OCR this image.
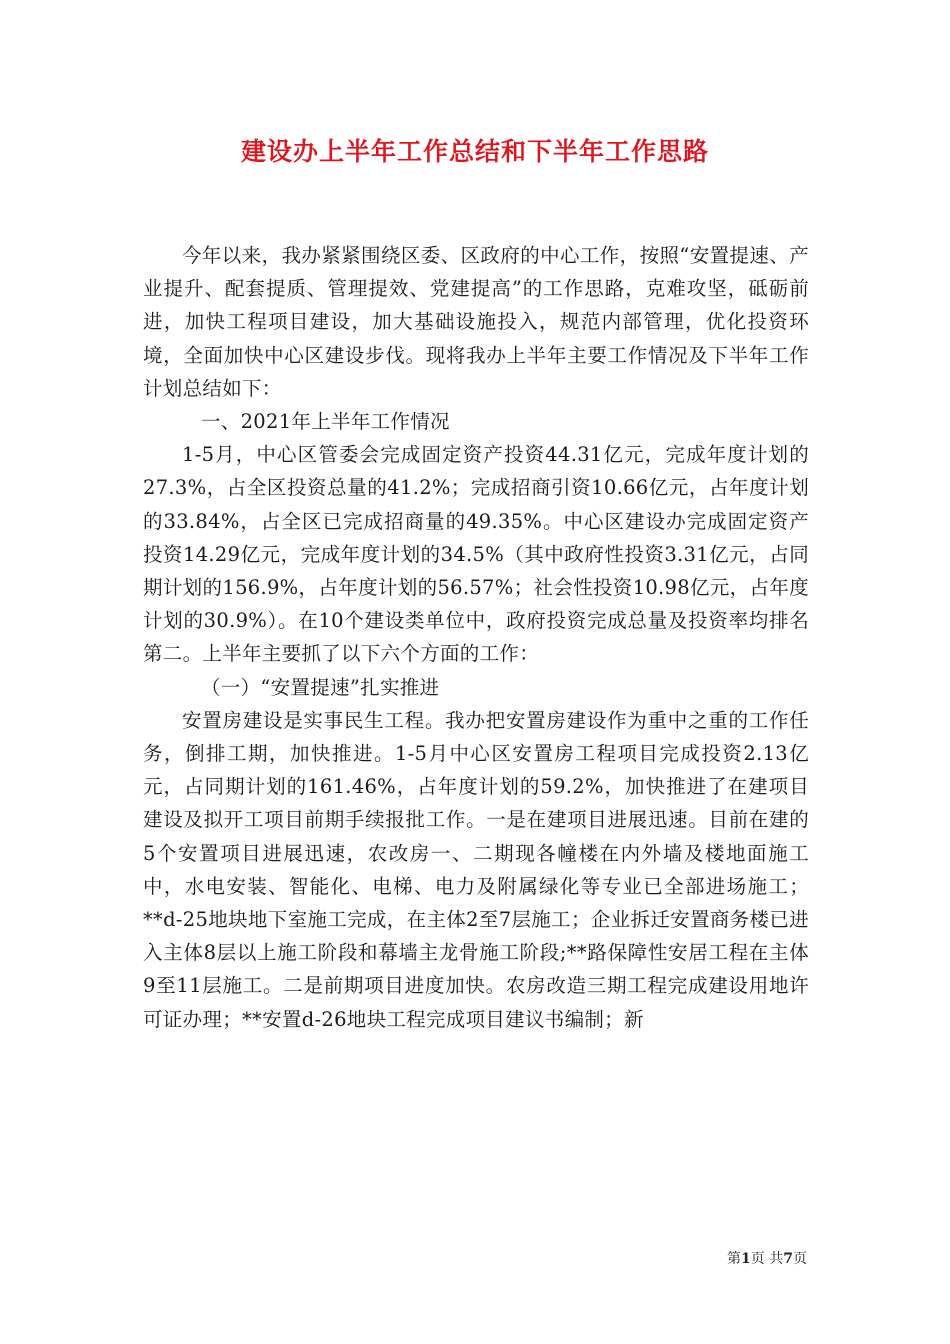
建设办上半年工作总结和下半年工作思路

今年以来，我办紧紧围绕区委、区政府的中心工作，按照“安置提速、产业提升、配套提质、管理提效、党建提高”的工作思路，克难攻坚，砥砺前进，加快工程项目建设，加大基础设施投入，规范内部管理，优化投资环境，全面加快中心区建设步伐。现将我办上半年主要工作情况及下半年工作计划总结如下：

一、2021年上半年工作情况

1-5月，中心区管委会完成固定资产投资44.31亿元，完成年度计划的27.3%，占全区投资总量的41.2%；完成招商引资10.66亿元，占年度计划的33.84%，占全区已完成招商量的49.35%。中心区建设办完成固定资产投资14.29亿元，完成年度计划的34.5%（其中政府性投资3.31亿元，占同期计划的156.9%，占年度计划的56.57%；社会性投资10.98亿元，占年度计划的30.9%）。在10个建设类单位中，政府投资完成总量及投资率均排名第二。上半年主要抓了以下六个方面的工作：

（一）“安置提速”扎实推进

安置房建设是实事民生工程。我办把安置房建设作为重中之重的工作任务，倒排工期，加快推进。1-5月中心区安置房工程项目完成投资2.13亿元，占同期计划的161.46%，占年度计划的59.2%，加快推进了在建项目建设及拟开工项目前期手续报批工作。一是在建项目进展迅速。目前在建的5个安置项目进展迅速，农改房一、二期现各幢楼在内外墙及楼地面施工中，水电安装、智能化、电梯、电力及附属绿化等专业已全部进场施工；**d-25地块地下室施工完成，在主体2至7层施工；企业拆迁安置商务楼已进入主体8层以上施工阶段和幕墙主龙骨施工阶段;**路保障性安居工程在主体9至11层施工。二是前期项目进度加快。农房改造三期工程完成建设用地许可证办理；**安置d-26地块工程完成项目建议书编制；新

第1页 共7页
